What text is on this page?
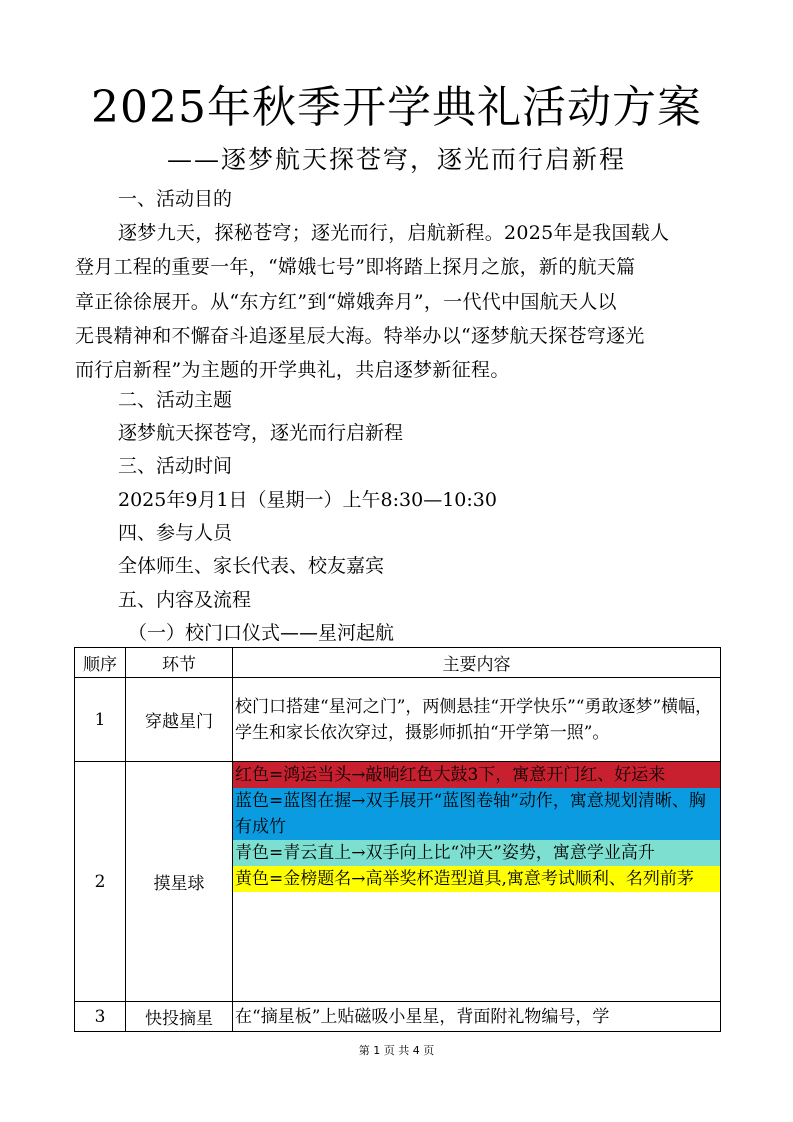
2025年秋季开学典礼活动方案
——逐梦航天探苍穹，逐光而行启新程
一、活动目的
逐梦九天，探秘苍穹；逐光而行，启航新程。2025年是我国载人
登月工程的重要一年，“嫦娥七号”即将踏上探月之旅，新的航天篇
章正徐徐展开。从“东方红”到“嫦娥奔月”，一代代中国航天人以
无畏精神和不懈奋斗追逐星辰大海。特举办以“逐梦航天探苍穹逐光
而行启新程”为主题的开学典礼，共启逐梦新征程。
二、活动主题
逐梦航天探苍穹，逐光而行启新程
三、活动时间
2025年9月1日（星期一）上午8:30—10:30
四、参与人员
全体师生、家长代表、校友嘉宾
五、内容及流程
（一）校门口仪式——星河起航
顺序	环节	主要内容
1	穿越星门	校门口搭建“星河之门”，两侧悬挂“开学快乐”“勇敢逐梦”横幅，学生和家长依次穿过，摄影师抓拍“开学第一照”。

2	摸星球	红色=鸿运当头→敲响红色大鼓3下，寓意开门红、好运来
蓝色=蓝图在握→双手展开“蓝图卷轴”动作，寓意规划清晰、胸有成竹
青色=青云直上→双手向上比“冲天”姿势，寓意学业高升
黄色=金榜题名→高举奖杯造型道具,寓意考试顺利、名列前茅

3	快投摘星	在“摘星板”上贴磁吸小星星，背面附礼物编号，学
第 1 页 共 4 页
